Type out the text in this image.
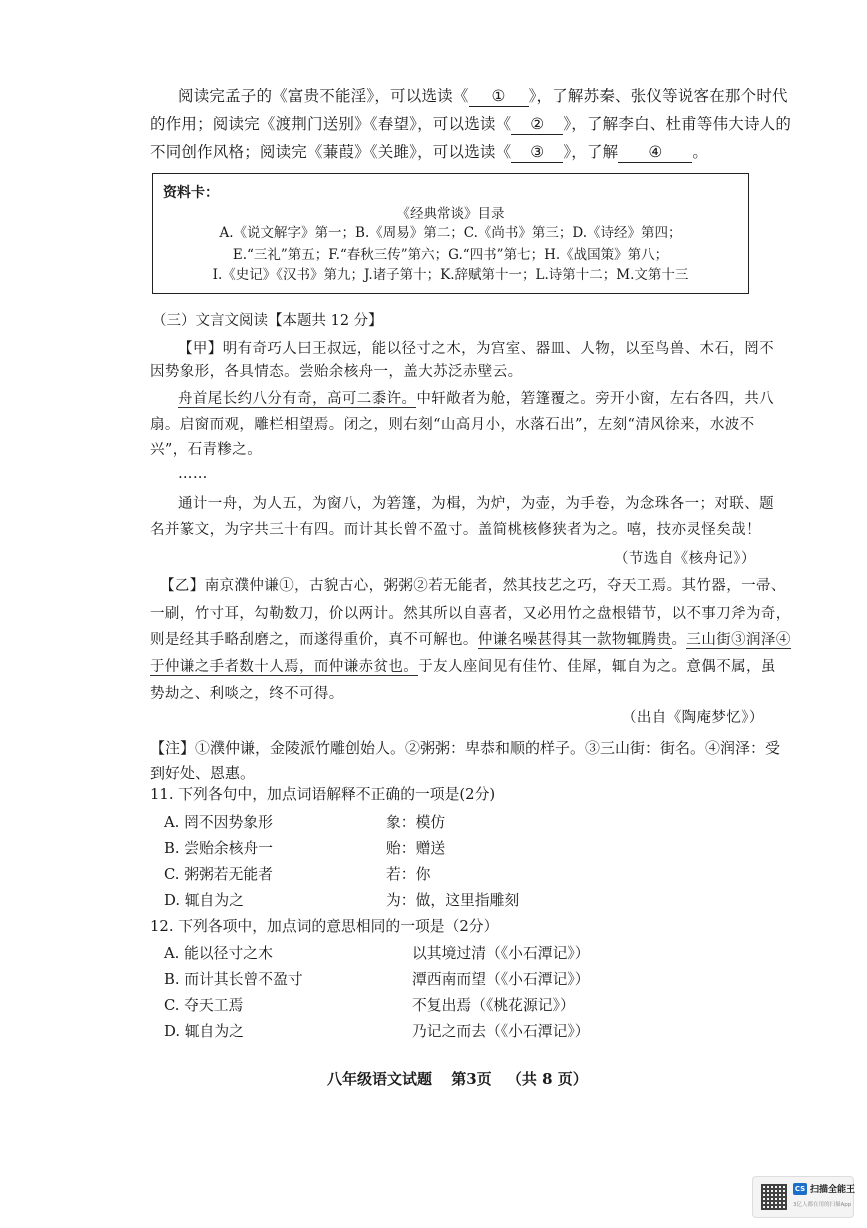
阅读完孟子的《富贵不能淫》，可以选读《 ① 》，了解苏秦、张仪等说客在那个时代
的作用；阅读完《渡荆门送别》《春望》，可以选读《 ② 》，了解李白、杜甫等伟大诗人的
不同创作风格；阅读完《蒹葭》《关雎》，可以选读《 ③ 》，了解 ④ 。
资料卡：
《经典常谈》目录
A.《说文解字》第一；B.《周易》第二；C.《尚书》第三；D.《诗经》第四；
E.“三礼”第五；F.“春秋三传”第六；G.“四书”第七；H.《战国策》第八；
I.《史记》《汉书》第九；J.诸子第十；K.辞赋第十一；L.诗第十二；M.文第十三
（三）文言文阅读【本题共 12 分】
【甲】明有奇巧人曰王叔远，能以径寸之木，为宫室、器皿、人物，以至鸟兽、木石，罔不
因势象形，各具情态。尝贻余核舟一，盖大苏泛赤壁云。
舟首尾长约八分有奇，高可二黍许。中轩敞者为舱，箬篷覆之。旁开小窗，左右各四，共八
扇。启窗而观，雕栏相望焉。闭之，则右刻“山高月小，水落石出”，左刻“清风徐来，水波不
兴”，石青糁之。
……
通计一舟，为人五，为窗八，为箬篷，为楫，为炉，为壶，为手卷，为念珠各一；对联、题
名并篆文，为字共三十有四。而计其长曾不盈寸。盖简桃核修狭者为之。嘻，技亦灵怪矣哉！
（节选自《核舟记》）
【乙】南京濮仲谦①，古貌古心，粥粥②若无能者，然其技艺之巧，夺天工焉。其竹器，一帚、
一刷，竹寸耳，勾勒数刀，价以两计。然其所以自喜者，又必用竹之盘根错节，以不事刀斧为奇，
则是经其手略刮磨之，而遂得重价，真不可解也。仲谦名噪甚得其一款物辄腾贵。三山街③润泽④
于仲谦之手者数十人焉，而仲谦赤贫也。于友人座间见有佳竹、佳犀，辄自为之。意偶不属，虽
势劫之、利啖之，终不可得。
（出自《陶庵梦忆》）
【注】①濮仲谦，金陵派竹雕创始人。②粥粥：卑恭和顺的样子。③三山街：街名。④润泽：受
到好处、恩惠。
11. 下列各句中，加点词语解释不正确的一项是(2分)
A. 罔不因势象形	象：模仿
B. 尝贻余核舟一	贻：赠送
C. 粥粥若无能者	若：你
D. 辄自为之	为：做，这里指雕刻
12. 下列各项中，加点词的意思相同的一项是（2分）
A. 能以径寸之木	以其境过清（《小石潭记》）
B. 而计其长曾不盈寸	潭西南而望（《小石潭记》）
C. 夺天工焉	不复出焉（《桃花源记》）
D. 辄自为之	乃记之而去（《小石潭记》）
八年级语文试题 第3页 （共 8 页）
CS 扫描全能王
3亿人都在用的扫描App
